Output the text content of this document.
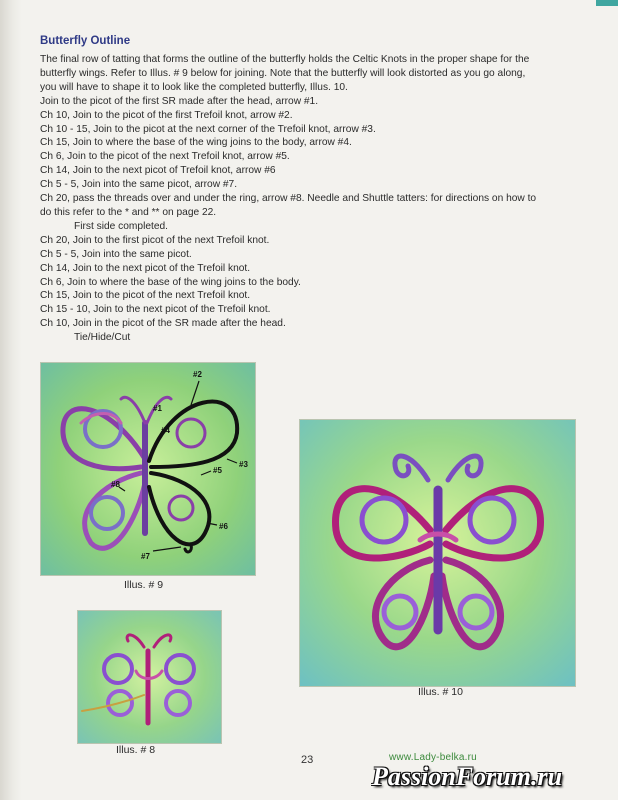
Butterfly Outline

The final row of tatting that forms the outline of the butterfly holds the Celtic Knots in the proper shape for the

butterfly wings. Refer to Illus. # 9 below for joining. Note that the butterfly will look distorted as you go along,

you will have to shape it to look like the completed butterfly, Illus. 10.

Join to the picot of the first SR made after the head, arrow #1.

Ch 10, Join to the picot of the first Trefoil knot, arrow #2.

Ch 10 - 15, Join to the picot at the next corner of the Trefoil knot, arrow #3.

Ch 15, Join to where the base of the wing joins to the body, arrow #4.

Ch 6, Join to the picot of the next Trefoil knot, arrow #5.

Ch 14, Join to the next picot of Trefoil knot, arrow #6

Ch 5 - 5, Join into the same picot, arrow #7.

Ch 20, pass the threads over and under the ring, arrow #8. Needle and Shuttle tatters: for directions on how to

do this refer to the * and ** on page 22.

First side completed.

Ch 20, Join to the first picot of the next Trefoil knot.

Ch 5 - 5, Join into the same picot.

Ch 14, Join to the next picot of the Trefoil knot.

Ch 6, Join to where the base of the wing joins to the body.

Ch 15, Join to the picot of the next Trefoil knot.

Ch 15 - 10, Join to the next picot of the Trefoil knot.

Ch 10, Join in the picot of the SR made after the head.

Tie/Hide/Cut

#1
#2
#3
#4
#5
#6
#7
#8
Illus. # 9
Illus. # 10
Illus. # 8
23	www.Lady-belka.ru
PassionForum.ru
